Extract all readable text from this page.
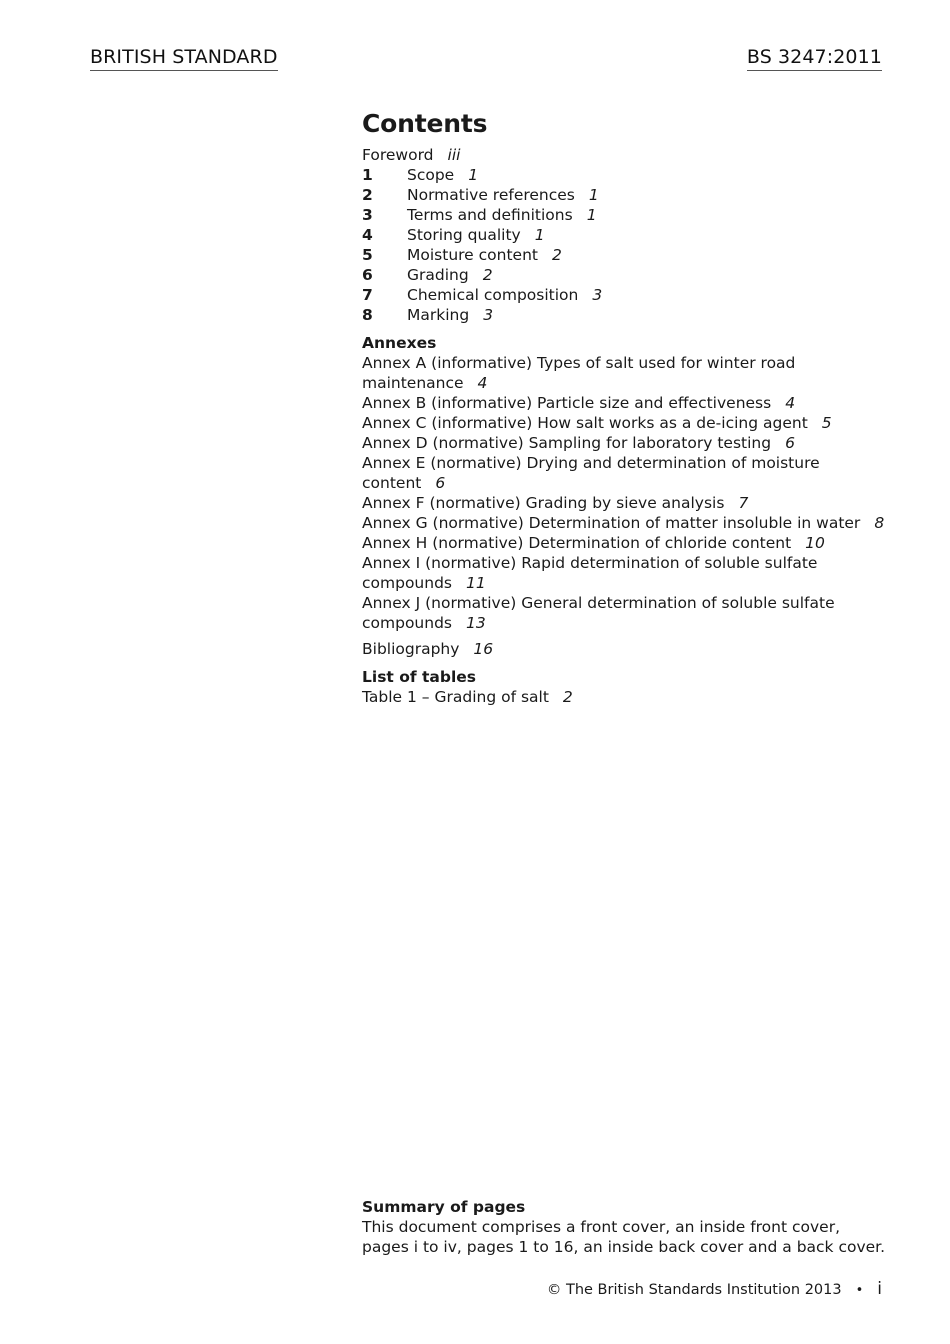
BRITISH STANDARD	BS 3247:2011
Contents
Foreword iii
1 Scope 1
2 Normative references 1
3 Terms and definitions 1
4 Storing quality 1
5 Moisture content 2
6 Grading 2
7 Chemical composition 3
8 Marking 3
Annexes
Annex A (informative) Types of salt used for winter road maintenance 4
Annex B (informative) Particle size and effectiveness 4
Annex C (informative) How salt works as a de-icing agent 5
Annex D (normative) Sampling for laboratory testing 6
Annex E (normative) Drying and determination of moisture content 6
Annex F (normative) Grading by sieve analysis 7
Annex G (normative) Determination of matter insoluble in water 8
Annex H (normative) Determination of chloride content 10
Annex I (normative) Rapid determination of soluble sulfate compounds 11
Annex J (normative) General determination of soluble sulfate compounds 13
Bibliography 16
List of tables
Table 1 – Grading of salt 2
Summary of pages
This document comprises a front cover, an inside front cover,
pages i to iv, pages 1 to 16, an inside back cover and a back cover.
© The British Standards Institution 2013 • i
